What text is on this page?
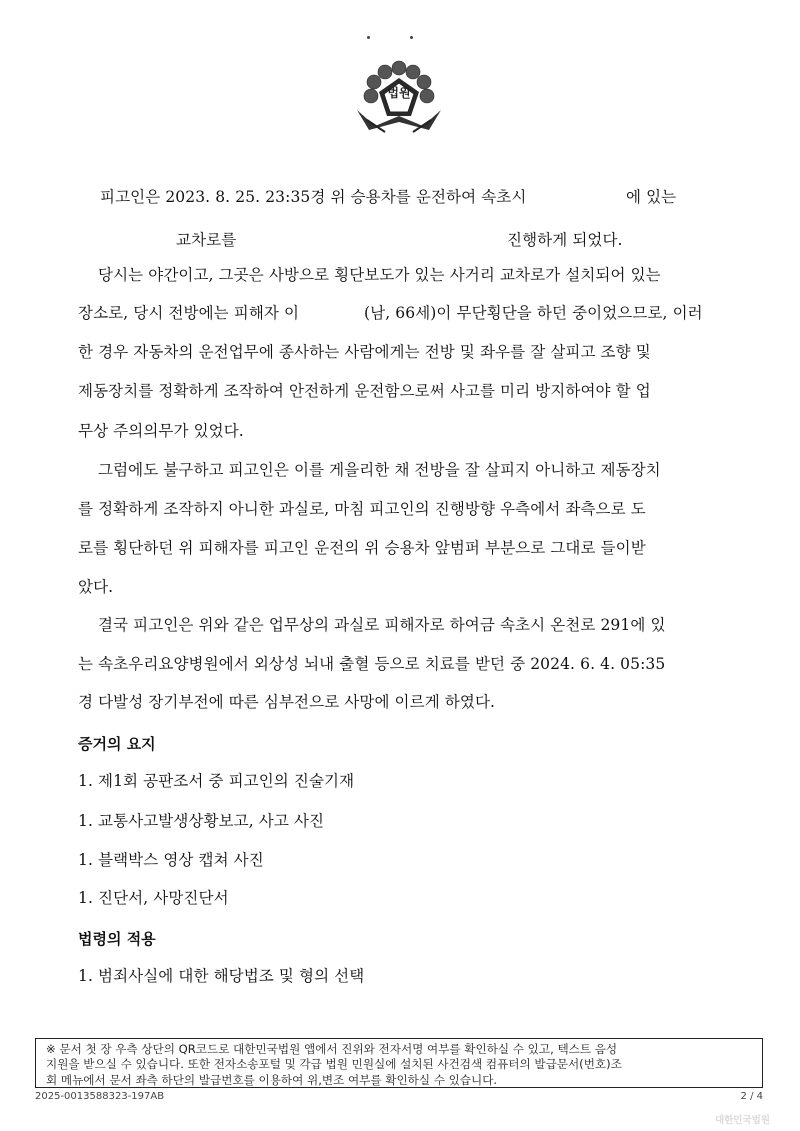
법원
피고인은 2023. 8. 25. 23:35경 위 승용차를 운전하여 속초시	에 있는
교차로를	진행하게 되었다.
당시는 야간이고, 그곳은 사방으로 횡단보도가 있는 사거리 교차로가 설치되어 있는
장소로, 당시 전방에는 피해자 이	(남, 66세)이 무단횡단을 하던 중이었으므로, 이러
한 경우 자동차의 운전업무에 종사하는 사람에게는 전방 및 좌우를 잘 살피고 조향 및
제동장치를 정확하게 조작하여 안전하게 운전함으로써 사고를 미리 방지하여야 할 업
무상 주의의무가 있었다.
그럼에도 불구하고 피고인은 이를 게을리한 채 전방을 잘 살피지 아니하고 제동장치
를 정확하게 조작하지 아니한 과실로, 마침 피고인의 진행방향 우측에서 좌측으로 도
로를 횡단하던 위 피해자를 피고인 운전의 위 승용차 앞범퍼 부분으로 그대로 들이받
았다.
결국 피고인은 위와 같은 업무상의 과실로 피해자로 하여금 속초시 온천로 291에 있
는 속초우리요양병원에서 외상성 뇌내 출혈 등으로 치료를 받던 중 2024. 6. 4. 05:35
경 다발성 장기부전에 따른 심부전으로 사망에 이르게 하였다.
증거의 요지
1. 제1회 공판조서 중 피고인의 진술기재
1. 교통사고발생상황보고, 사고 사진
1. 블랙박스 영상 캡쳐 사진
1. 진단서, 사망진단서
법령의 적용
1. 범죄사실에 대한 해당법조 및 형의 선택
※ 문서 첫 장 우측 상단의 QR코드로 대한민국법원 앱에서 진위와 전자서명 여부를 확인하실 수 있고, 텍스트 음성
지원을 받으실 수 있습니다. 또한 전자소송포털 및 각급 법원 민원실에 설치된 사건검색 컴퓨터의 발급문서(번호)조
회 메뉴에서 문서 좌측 하단의 발급번호를 이용하여 위,변조 여부를 확인하실 수 있습니다.
2025-0013588323-197AB	2 / 4
대한민국법원
